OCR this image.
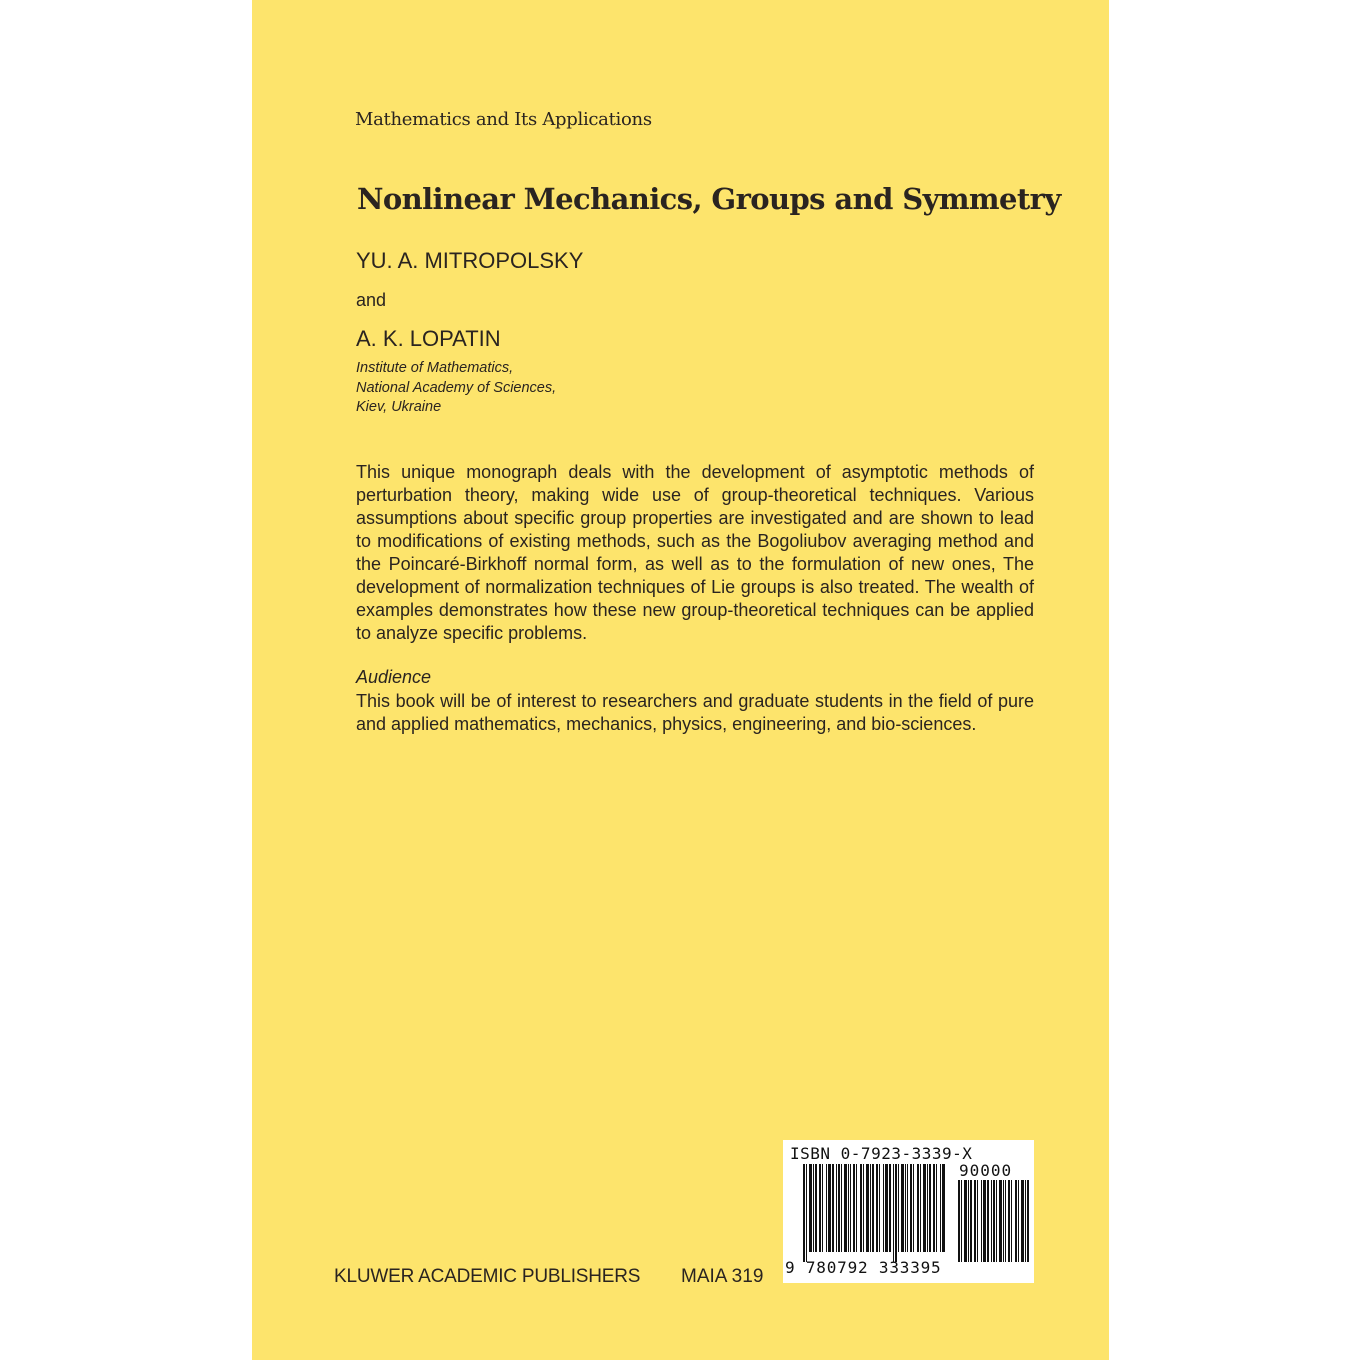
Mathematics and Its Applications
Nonlinear Mechanics, Groups and Symmetry
YU. A. MITROPOLSKY
and
A. K. LOPATIN
Institute of Mathematics,
National Academy of Sciences,
Kiev, Ukraine
This unique monograph deals with the development of asymptotic methods of perturbation theory, making wide use of group-theoretical techniques. Various assumptions about specific group properties are investigated and are shown to lead to modifications of existing methods, such as the Bogoliubov averaging method and the Poincaré-Birkhoff normal form, as well as to the formulation of new ones, The development of normalization techniques of Lie groups is also treated. The wealth of examples demonstrates how these new group-theoretical techniques can be applied to analyze specific problems.
Audience
This book will be of interest to researchers and graduate students in the field of pure and applied mathematics, mechanics, physics, engineering, and bio-sciences.
KLUWER ACADEMIC PUBLISHERS MAIA 319
ISBN 0-7923-3339-X
90000
9 780792 333395
